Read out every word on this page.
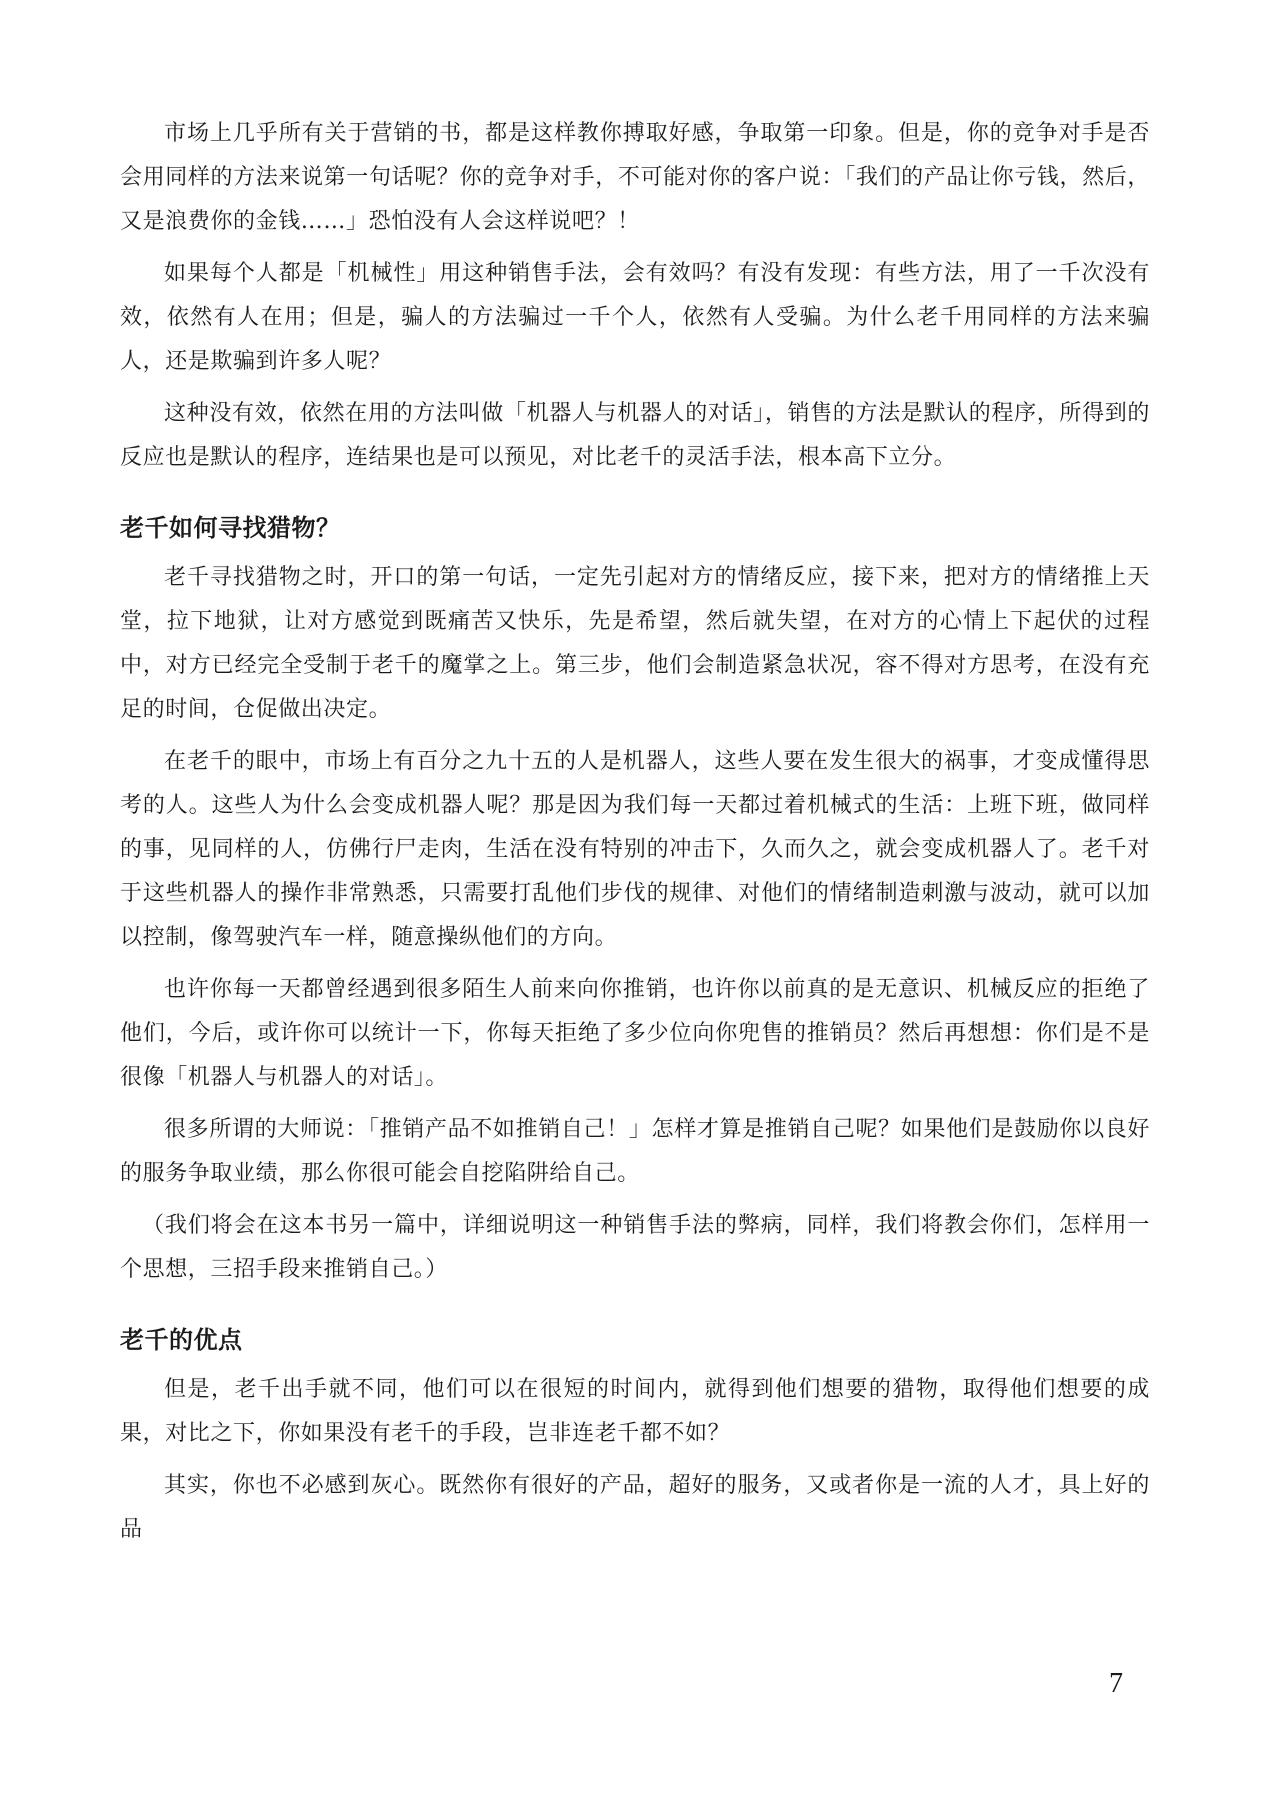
市场上几乎所有关于营销的书，都是这样教你搏取好感，争取第一印象。但是，你的竞争对手是否会用同样的方法来说第一句话呢？你的竞争对手，不可能对你的客户说：「我们的产品让你亏钱，然后，又是浪费你的金钱……」恐怕没有人会这样说吧？！

如果每个人都是「机械性」用这种销售手法，会有效吗？有没有发现：有些方法，用了一千次没有效，依然有人在用；但是，骗人的方法骗过一千个人，依然有人受骗。为什么老千用同样的方法来骗人，还是欺骗到许多人呢？

这种没有效，依然在用的方法叫做「机器人与机器人的对话」，销售的方法是默认的程序，所得到的反应也是默认的程序，连结果也是可以预见，对比老千的灵活手法，根本高下立分。

老千如何寻找猎物？

老千寻找猎物之时，开口的第一句话，一定先引起对方的情绪反应，接下来，把对方的情绪推上天堂，拉下地狱，让对方感觉到既痛苦又快乐，先是希望，然后就失望，在对方的心情上下起伏的过程中，对方已经完全受制于老千的魔掌之上。第三步，他们会制造紧急状况，容不得对方思考，在没有充足的时间，仓促做出决定。

在老千的眼中，市场上有百分之九十五的人是机器人，这些人要在发生很大的祸事，才变成懂得思考的人。这些人为什么会变成机器人呢？那是因为我们每一天都过着机械式的生活：上班下班，做同样的事，见同样的人，仿佛行尸走肉，生活在没有特别的冲击下，久而久之，就会变成机器人了。老千对于这些机器人的操作非常熟悉，只需要打乱他们步伐的规律、对他们的情绪制造刺激与波动，就可以加以控制，像驾驶汽车一样，随意操纵他们的方向。

也许你每一天都曾经遇到很多陌生人前来向你推销，也许你以前真的是无意识、机械反应的拒绝了他们，今后，或许你可以统计一下，你每天拒绝了多少位向你兜售的推销员？然后再想想：你们是不是很像「机器人与机器人的对话」。

很多所谓的大师说：「推销产品不如推销自己！」怎样才算是推销自己呢？如果他们是鼓励你以良好的服务争取业绩，那么你很可能会自挖陷阱给自己。

（我们将会在这本书另一篇中，详细说明这一种销售手法的弊病，同样，我们将教会你们，怎样用一个思想，三招手段来推销自己。）

老千的优点

但是，老千出手就不同，他们可以在很短的时间内，就得到他们想要的猎物，取得他们想要的成果，对比之下，你如果没有老千的手段，岂非连老千都不如？

其实，你也不必感到灰心。既然你有很好的产品，超好的服务，又或者你是一流的人才，具上好的品

7
